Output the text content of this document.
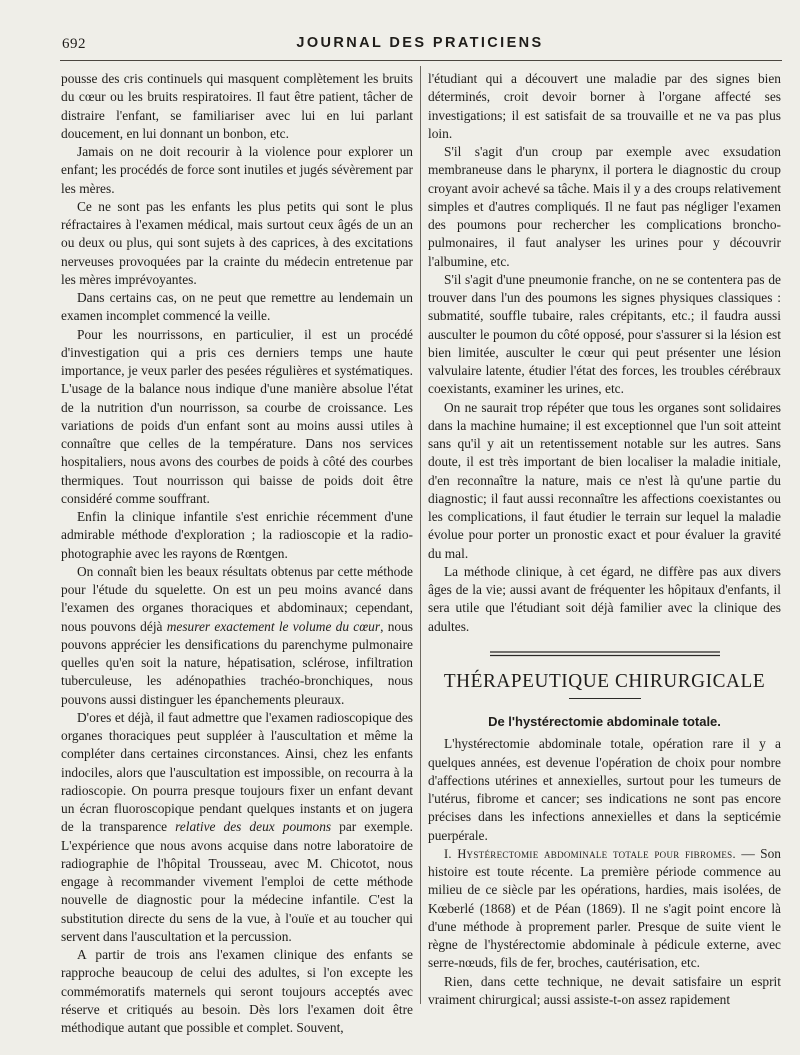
692	JOURNAL DES PRATICIENS

pousse des cris continuels qui masquent complètement les bruits du cœur ou les bruits respiratoires. Il faut être patient, tâcher de distraire l'enfant, se familiariser avec lui en lui parlant doucement, en lui donnant un bonbon, etc.

Jamais on ne doit recourir à la violence pour explorer un enfant; les procédés de force sont inutiles et jugés sévèrement par les mères.

Ce ne sont pas les enfants les plus petits qui sont le plus réfractaires à l'examen médical, mais surtout ceux âgés de un an ou deux ou plus, qui sont sujets à des caprices, à des excitations nerveuses provoquées par la crainte du médecin entretenue par les mères imprévoyantes.

Dans certains cas, on ne peut que remettre au lendemain un examen incomplet commencé la veille.

Pour les nourrissons, en particulier, il est un procédé d'investigation qui a pris ces derniers temps une haute importance, je veux parler des pesées régulières et systématiques. L'usage de la balance nous indique d'une manière absolue l'état de la nutrition d'un nourrisson, sa courbe de croissance. Les variations de poids d'un enfant sont au moins aussi utiles à connaître que celles de la température. Dans nos services hospitaliers, nous avons des courbes de poids à côté des courbes thermiques. Tout nourrisson qui baisse de poids doit être considéré comme souffrant.

Enfin la clinique infantile s'est enrichie récemment d'une admirable méthode d'exploration ; la radioscopie et la radio-photographie avec les rayons de Rœntgen.

On connaît bien les beaux résultats obtenus par cette méthode pour l'étude du squelette. On est un peu moins avancé dans l'examen des organes thoraciques et abdominaux; cependant, nous pouvons déjà mesurer exactement le volume du cœur, nous pouvons apprécier les densifications du parenchyme pulmonaire quelles qu'en soit la nature, hépatisation, sclérose, infiltration tuberculeuse, les adénopathies trachéo-bronchiques, nous pouvons aussi distinguer les épanchements pleuraux.

D'ores et déjà, il faut admettre que l'examen radioscopique des organes thoraciques peut suppléer à l'auscultation et même la compléter dans certaines circonstances. Ainsi, chez les enfants indociles, alors que l'auscultation est impossible, on recourra à la radioscopie. On pourra presque toujours fixer un enfant devant un écran fluoroscopique pendant quelques instants et on jugera de la transparence relative des deux poumons par exemple. L'expérience que nous avons acquise dans notre laboratoire de radiographie de l'hôpital Trousseau, avec M. Chicotot, nous engage à recommander vivement l'emploi de cette méthode nouvelle de diagnostic pour la médecine infantile. C'est la substitution directe du sens de la vue, à l'ouïe et au toucher qui servent dans l'auscultation et la percussion.

A partir de trois ans l'examen clinique des enfants se rapproche beaucoup de celui des adultes, si l'on excepte les commémoratifs maternels qui seront toujours acceptés avec réserve et critiqués au besoin. Dès lors l'examen doit être méthodique autant que possible et complet. Souvent,

l'étudiant qui a découvert une maladie par des signes bien déterminés, croit devoir borner à l'organe affecté ses investigations; il est satisfait de sa trouvaille et ne va pas plus loin.

S'il s'agit d'un croup par exemple avec exsudation membraneuse dans le pharynx, il portera le diagnostic du croup croyant avoir achevé sa tâche. Mais il y a des croups relativement simples et d'autres compliqués. Il ne faut pas négliger l'examen des poumons pour rechercher les complications broncho-pulmonaires, il faut analyser les urines pour y découvrir l'albumine, etc.

S'il s'agit d'une pneumonie franche, on ne se contentera pas de trouver dans l'un des poumons les signes physiques classiques : submatité, souffle tubaire, rales crépitants, etc.; il faudra aussi ausculter le poumon du côté opposé, pour s'assurer si la lésion est bien limitée, ausculter le cœur qui peut présenter une lésion valvulaire latente, étudier l'état des forces, les troubles cérébraux coexistants, examiner les urines, etc.

On ne saurait trop répéter que tous les organes sont solidaires dans la machine humaine; il est exceptionnel que l'un soit atteint sans qu'il y ait un retentissement notable sur les autres. Sans doute, il est très important de bien localiser la maladie initiale, d'en reconnaître la nature, mais ce n'est là qu'une partie du diagnostic; il faut aussi reconnaître les affections coexistantes ou les complications, il faut étudier le terrain sur lequel la maladie évolue pour porter un pronostic exact et pour évaluer la gravité du mal.

La méthode clinique, à cet égard, ne diffère pas aux divers âges de la vie; aussi avant de fréquenter les hôpitaux d'enfants, il sera utile que l'étudiant soit déjà familier avec la clinique des adultes.

THÉRAPEUTIQUE CHIRURGICALE
De l'hystérectomie abdominale totale.

L'hystérectomie abdominale totale, opération rare il y a quelques années, est devenue l'opération de choix pour nombre d'affections utérines et annexielles, surtout pour les tumeurs de l'utérus, fibrome et cancer; ses indications ne sont pas encore précises dans les infections annexielles et dans la septicémie puerpérale.

I. Hystérectomie abdominale totale pour fibromes. — Son histoire est toute récente. La première période commence au milieu de ce siècle par les opérations, hardies, mais isolées, de Kœberlé (1868) et de Péan (1869). Il ne s'agit point encore là d'une méthode à proprement parler. Presque de suite vient le règne de l'hystérectomie abdominale à pédicule externe, avec serre-nœuds, fils de fer, broches, cautérisation, etc.

Rien, dans cette technique, ne devait satisfaire un esprit vraiment chirurgical; aussi assiste-t-on assez rapidement
